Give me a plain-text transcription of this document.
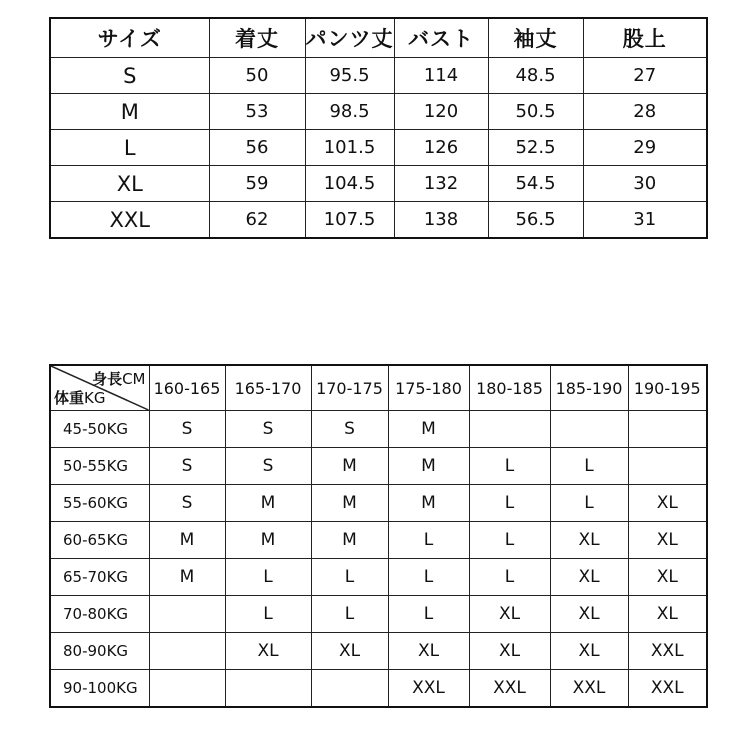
サイズ	着丈	パンツ丈	バスト	袖丈	股上
S	50	95.5	114	48.5	27
M	53	98.5	120	50.5	28
L	56	101.5	126	52.5	29
XL	59	104.5	132	54.5	30
XXL	62	107.5	138	56.5	31
身長CM
体重KG	160-165	165-170	170-175	175-180	180-185	185-190	190-195
45-50KG	S	S	S	M			
50-55KG	S	S	M	M	L	L	
55-60KG	S	M	M	M	L	L	XL
60-65KG	M	M	M	L	L	XL	XL
65-70KG	M	L	L	L	L	XL	XL
70-80KG		L	L	L	XL	XL	XL
80-90KG		XL	XL	XL	XL	XL	XXL
90-100KG				XXL	XXL	XXL	XXL
